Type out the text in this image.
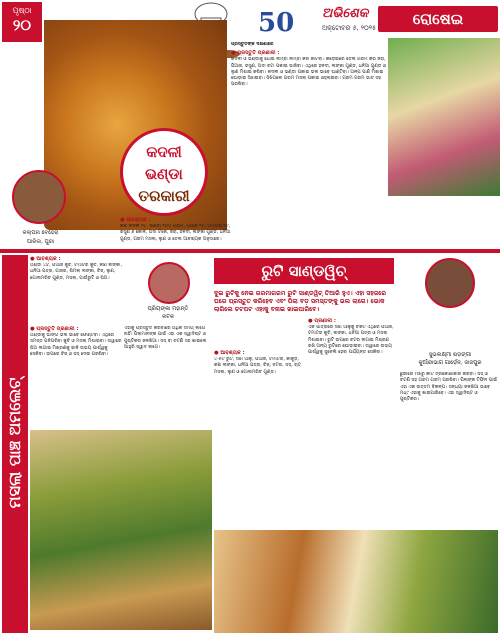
ପୃଷ୍ଠା
୨୦	50	ଅଭିଶେକ
ଅକ୍ଟୋବର ୫, ୨୦୨୫	ରୋଷେଇ
କଦଳୀ
ଭଣ୍ଡା
ତରକାରୀ
କଲ୍ପନା ବେହେରା
ପାରିଲ, ପୁରୀ
ପ୍ରସ୍ତୁତଙ୍କ ଦକ୍ଷିଣାରେ
● ପ୍ରସ୍ତୁତି ପ୍ରଣାଳୀ :
କଦଳୀ ଓ ଭଣ୍ଡାକୁ ଧୋଇ ଲମ୍ବା ଲମ୍ବା କରି କାଟିବା। କଡ଼େଇରେ ତେଲ ଗରମ କରି ଜିରା, ପିଆଜ, ରସୁଣ, ଅଦା ବଟା ପକାଇ ଭାଜିବା। ଏଥିରେ ହଳଦୀ, ଲଙ୍କା ଗୁଣ୍ଡ, ଧନିଆ ଗୁଣ୍ଡ ଓ ଲୁଣ ମିଶାଇ କଷିବା। କଦଳୀ ଓ ଭଣ୍ଡା ପକାଇ ଭଲ ଭାବେ ଘାଣ୍ଟିବା। ଅଳ୍ପ ପାଣି ମିଶାଇ ଘୋଡ଼ାଇ ସିଝାଇବା। ସିଝିଗଲେ ଗରମ ମସଲା ପକାଇ ଓହ୍ଲାଇବା। ଗରମ ଗରମ ଭାତ ସହ ପରଷିବା।
● ଆବଶ୍ୟକ :
କଞ୍ଚା କଦଳୀ ୨ଟି, ଭଣ୍ଡା ୧୦୦ ଗ୍ରାମ, ପିଆଜ ୨ଟି, ଟମାଟର ୧ଟି, ରସୁଣ ୬ କୋଳି, ଅଦା ଟିକେ, ଜିରା, ହଳଦୀ, ଲଙ୍କା ଗୁଣ୍ଡ, ଧନିଆ ଗୁଣ୍ଡ, ଗରମ ମସଲା, ଲୁଣ ଓ ତେଲ ଆବଶ୍ୟକ ଅନୁସାରେ।
ମସଲା ପାଞ୍ଚ ଅମଲେଟ୍
● ଆବଶ୍ୟକ :
ଅଣ୍ଡା ୪ଟି, ପିଆଜ କୁଚି, ଟମାଟର କୁଚି, କଞ୍ଚା ଲଙ୍କା, ଧନିଆ ପତ୍ର, ଗାଜର, ଶିମଲା ଲଙ୍କା, ଚିଜ୍, ଲୁଣ, ଗୋଲମରିଚ ଗୁଣ୍ଡ, ମସଲା, ପାଉଁରୁଟି ଓ ଘିଅ।
● ପ୍ରସ୍ତୁତି ପ୍ରଣାଳୀ :
ଅଣ୍ଡାକୁ ଭାଙ୍ଗି ଭଲ ଭାବେ ଫେଣ୍ଟିବା। ଏଥିରେ ସମସ୍ତ ପନିପରିବା କୁଚି ଓ ମସଲା ମିଶାଇବା। ତାୱାରେ ଘିଅ ଲଗାଇ ମିଶ୍ରଣକୁ ଢାଳି ଉଭୟ ପାର୍ଶ୍ୱକୁ ସେକିବା। ଉପରେ ଚିଜ୍ ଓ ସସ୍ ଦେଇ ପରଷିବା।
ପ୍ରିୟଙ୍କା ମହାନ୍ତି
କଟକ
ଏହାକୁ ପ୍ରସ୍ତୁତ କରିବାରେ ଅଧିକ ସମୟ ଲାଗେ ନାହିଁ। ପିଲାମାନଙ୍କ ପାଇଁ ଏହା ଏକ ସ୍ୱାଦିଷ୍ଟ ଓ ପୁଷ୍ଟିକର ଜଳଖିଆ। ସସ୍ ବା ଚଟଣି ସହ ଖାଇଲେ ଆହୁରି ସ୍ୱାଦ ଲାଗେ।
ରୁଟି ସାଣ୍ଡୱିଚ୍
ଦୁଇ ରୁଟିକୁ ନେଇ ଗରମାଗରମ ରୁଟି ସାଣ୍ଡୱିଚ୍ ତିଆରି ହୁଏ। ଏହା ସହଜରେ ଘରେ ପ୍ରସ୍ତୁତ କରିହେବ ଏବଂ ପିଲା ବଡ଼ ସମସ୍ତଙ୍କୁ ଭଲ ଲାଗେ। ଭୋକ ଲାଗିଲେ ଚଟପଟ ଏହାକୁ ବନାଇ ଖାଇପାରିବେ।
● ଆବଶ୍ୟକ :
୪-୫ଟି ରୁଟି, ସିଝା ଆଳୁ, ପିଆଜ, ଟମାଟର, କାକୁଡ଼ି, କଞ୍ଚା ଲଙ୍କା, ଧନିଆ ପତ୍ର, ଚିଜ୍, ବଟର, ସସ୍, ଚାଟ୍ ମସଲା, ଲୁଣ ଓ ଗୋଲମରିଚ ଗୁଣ୍ଡ।
● ପ୍ରଣାଳୀ :
ଏକ ପାତ୍ରରେ ସିଝା ଆଳୁକୁ ଚକଟି ଏଥିରେ ପିଆଜ, ଟମାଟର କୁଚି, ଲଙ୍କା, ଧନିଆ ପତ୍ର ଓ ମସଲା ମିଶାଇବା। ରୁଟି ଉପରେ ବଟର ଲଗାଇ ମିଶ୍ରଣ ରଖି ଅନ୍ୟ ରୁଟିରେ ଘୋଡ଼ାଇବା। ତାୱାରେ ଉଭୟ ପାର୍ଶ୍ୱକୁ ସୁନେଲି ହେବା ପର୍ଯ୍ୟନ୍ତ ସେକିବା।	ସୁଭଲକ୍ଷ୍ମୀ ଷଡ଼ଙ୍ଗୀ
କୁଆଁରୀଭାଗ ଗାର୍ଡ଼େନ, ଜାଜପୁର
ଛୁରୀରେ ମଝିରୁ କାଟି ତ୍ରିକୋଣାକାର କରିବା। ସସ୍ ଓ ଚଟଣି ସହ ଗରମ ଗରମ ପରଷିବା। ପିଲାଙ୍କ ଟିଫିନ ପାଇଁ ଏହା ଏକ ଉତ୍ତମ ବିକଳ୍ପ। ସନ୍ଧ୍ୟା ଜଳଖିଆ ଭାବେ ମଧ୍୯ ଏହାକୁ ଖାଇପାରିବେ। ଏହା ସ୍ୱାଦିଷ୍ଟ ଓ ପୁଷ୍ଟିକର।
